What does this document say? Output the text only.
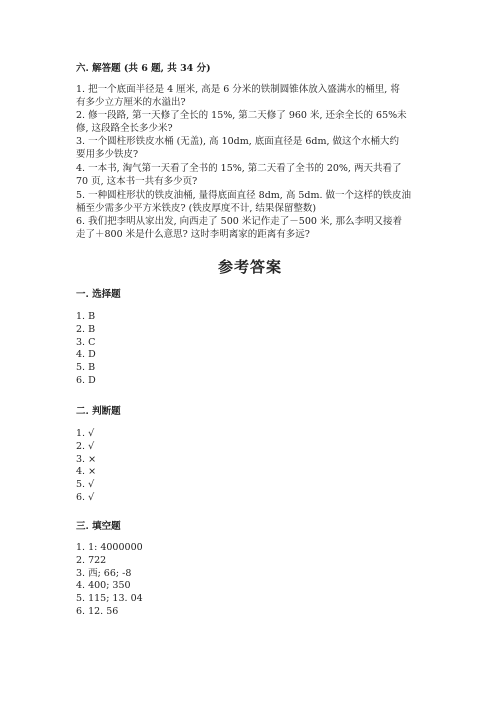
六. 解答题 (共 6 题, 共 34 分)
1. 把一个底面半径是 4 厘米, 高是 6 分米的铁制圆锥体放入盛满水的桶里, 将
有多少立方厘米的水溢出?
2. 修一段路, 第一天修了全长的 15%, 第二天修了 960 米, 还余全长的 65%未
修, 这段路全长多少米?
3. 一个圆柱形铁皮水桶 (无盖), 高 10dm, 底面直径是 6dm, 做这个水桶大约
要用多少铁皮?
4. 一本书, 淘气第一天看了全书的 15%, 第二天看了全书的 20%, 两天共看了
70 页, 这本书一共有多少页?
5. 一种圆柱形状的铁皮油桶, 量得底面直径 8dm, 高 5dm. 做一个这样的铁皮油
桶至少需多少平方米铁皮? (铁皮厚度不计, 结果保留整数)
6. 我们把李明从家出发, 向西走了 500 米记作走了－500 米, 那么李明又接着
走了＋800 米是什么意思? 这时李明离家的距离有多远?
参考答案
一. 选择题
1. B
2. B
3. C
4. D
5. B
6. D
二. 判断题
1. √
2. √
3. ×
4. ×
5. √
6. √
三. 填空题
1. 1: 4000000
2. 722
3. 西; 66; -8
4. 400; 350
5. 115; 13. 04
6. 12. 56
